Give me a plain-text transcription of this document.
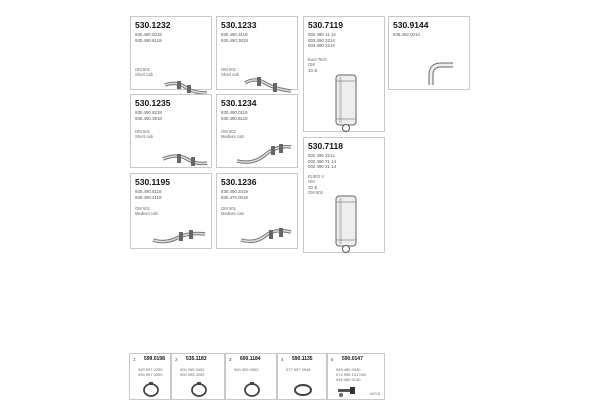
530.1232
930.490.8218
930.490.8118
OM 501
Short cab
530.1233
930.490.3118
930.490.3818
OM 501
Short cab
530.7119
002 490 11 14
002 490 2214
002 490 2214
Euro Tech
OM
3D B
530.9144
945.492.0014
530.1235
930.490.8218
930.490.3818
OM 501
Short cab
530.1234
930.490.0118
930.490.8118
OM 502
Medium cab
530.7118
002 490 2214
002 490 71 14
002 490 21 14
EURO V
OM
3D B
OM 502
530.1195
930.490.8118
930.490.4118
OM 501
Medium cab
530.1236
930.490.3419
930.470.0018
OM 501
Medium cab
1 599.0198
945 997 0290
945 997 0000
2 535.1183
000 995 0402
000 995 0202
3 600.1184
000 300 0002
4 590.1135
077 997 2045
5 590.0147
945 480 0040
074 995 131 000
945 480 0140
4X0.5
